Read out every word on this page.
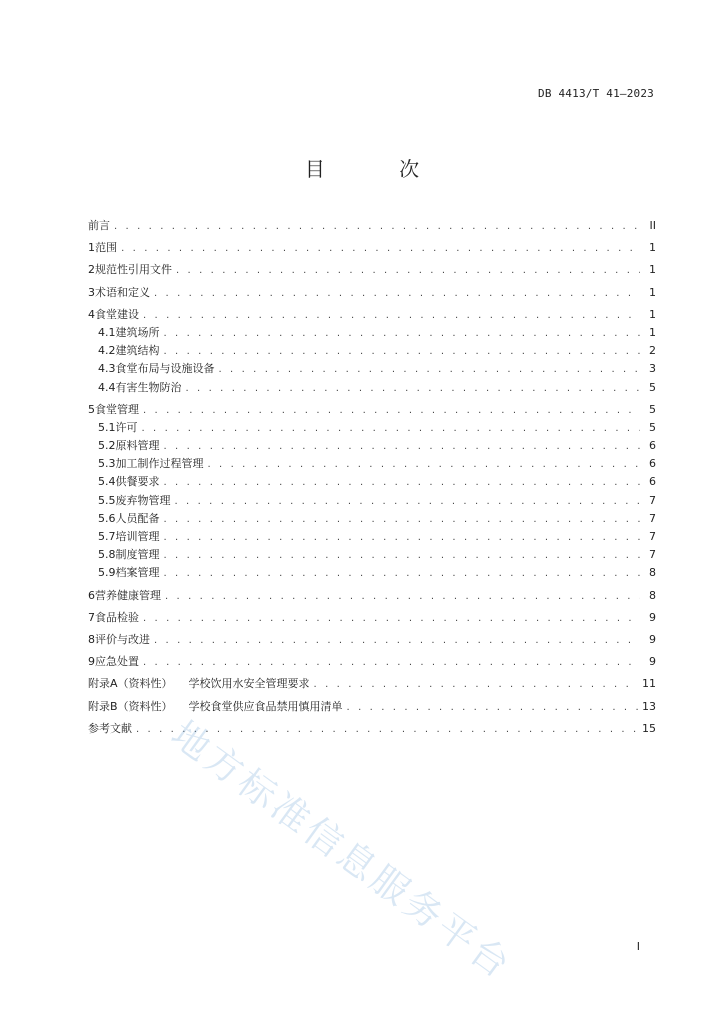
DB 4413/T 41—2023
目 次
前言 . . .	II
1 范围 . . .	1
2 规范性引用文件 . . .	1
3 术语和定义 . . .	1
4 食堂建设 . . .	1
4.1 建筑场所 . . .	1
4.2 建筑结构 . . .	2
4.3 食堂布局与设施设备 . . .	3
4.4 有害生物防治 . . .	5
5 食堂管理 . . .	5
5.1 许可 . . .	5
5.2 原料管理 . . .	6
5.3 加工制作过程管理 . . .	6
5.4 供餐要求 . . .	6
5.5 废弃物管理 . . .	7
5.6 人员配备 . . .	7
5.7 培训管理 . . .	7
5.8 制度管理 . . .	7
5.9 档案管理 . . .	8
6 营养健康管理 . . .	8
7 食品检验 . . .	9
8 评价与改进 . . .	9
9 应急处置 . . .	9
附录A（资料性） 学校饮用水安全管理要求 . . .	11
附录B（资料性） 学校食堂供应食品禁用慎用清单 . . .	13
参考文献 . . .	15
地方标准信息服务平台	I
